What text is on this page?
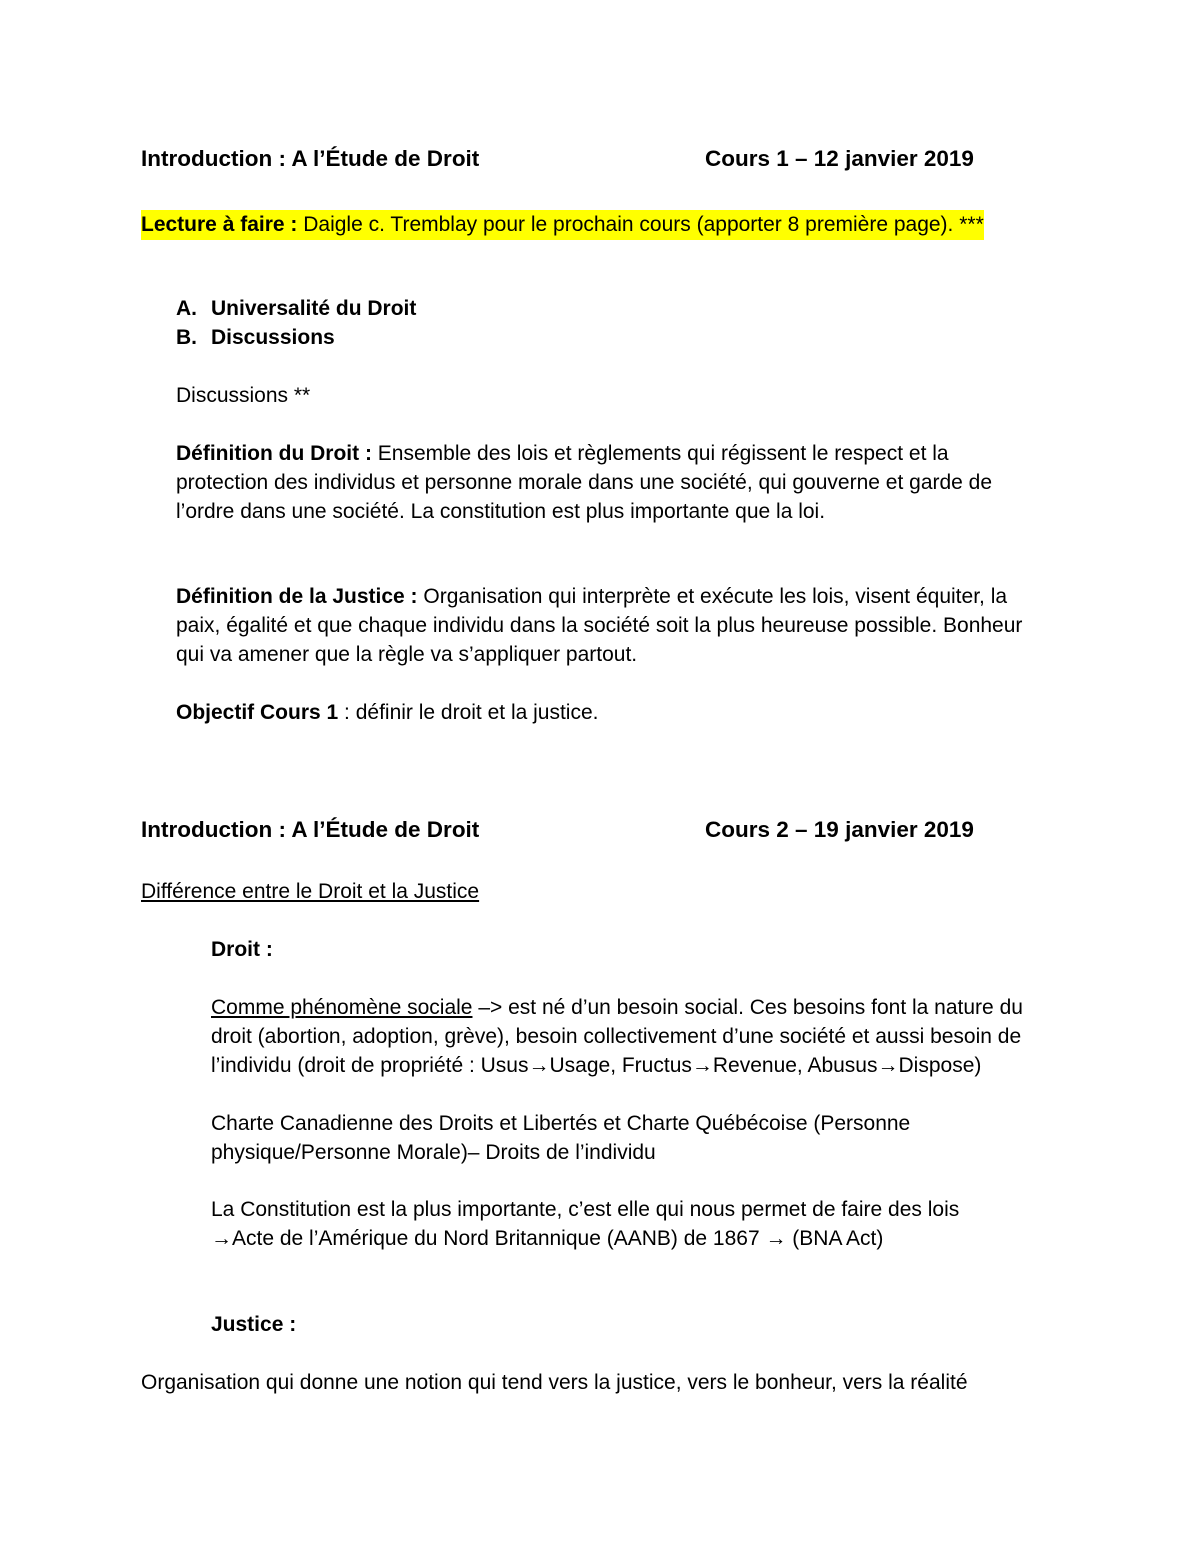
Introduction : A l’Étude de Droit	Cours 1 – 12 janvier 2019
Lecture à faire : Daigle c. Tremblay pour le prochain cours (apporter 8 première page). ***
A. Universalité du Droit
B. Discussions
Discussions **
Définition du Droit : Ensemble des lois et règlements qui régissent le respect et la
protection des individus et personne morale dans une société, qui gouverne et garde de
l’ordre dans une société. La constitution est plus importante que la loi.
Définition de la Justice : Organisation qui interprète et exécute les lois, visent équiter, la
paix, égalité et que chaque individu dans la société soit la plus heureuse possible. Bonheur
qui va amener que la règle va s’appliquer partout.
Objectif Cours 1 : définir le droit et la justice.
Introduction : A l’Étude de Droit	Cours 2 – 19 janvier 2019
Différence entre le Droit et la Justice
Droit :
Comme phénomène sociale –> est né d’un besoin social. Ces besoins font la nature du
droit (abortion, adoption, grève), besoin collectivement d’une société et aussi besoin de
l’individu (droit de propriété : Usus→Usage, Fructus→Revenue, Abusus→Dispose)
Charte Canadienne des Droits et Libertés et Charte Québécoise (Personne
physique/Personne Morale)– Droits de l’individu
La Constitution est la plus importante, c’est elle qui nous permet de faire des lois
→Acte de l’Amérique du Nord Britannique (AANB) de 1867 → (BNA Act)
Justice :
Organisation qui donne une notion qui tend vers la justice, vers le bonheur, vers la réalité
